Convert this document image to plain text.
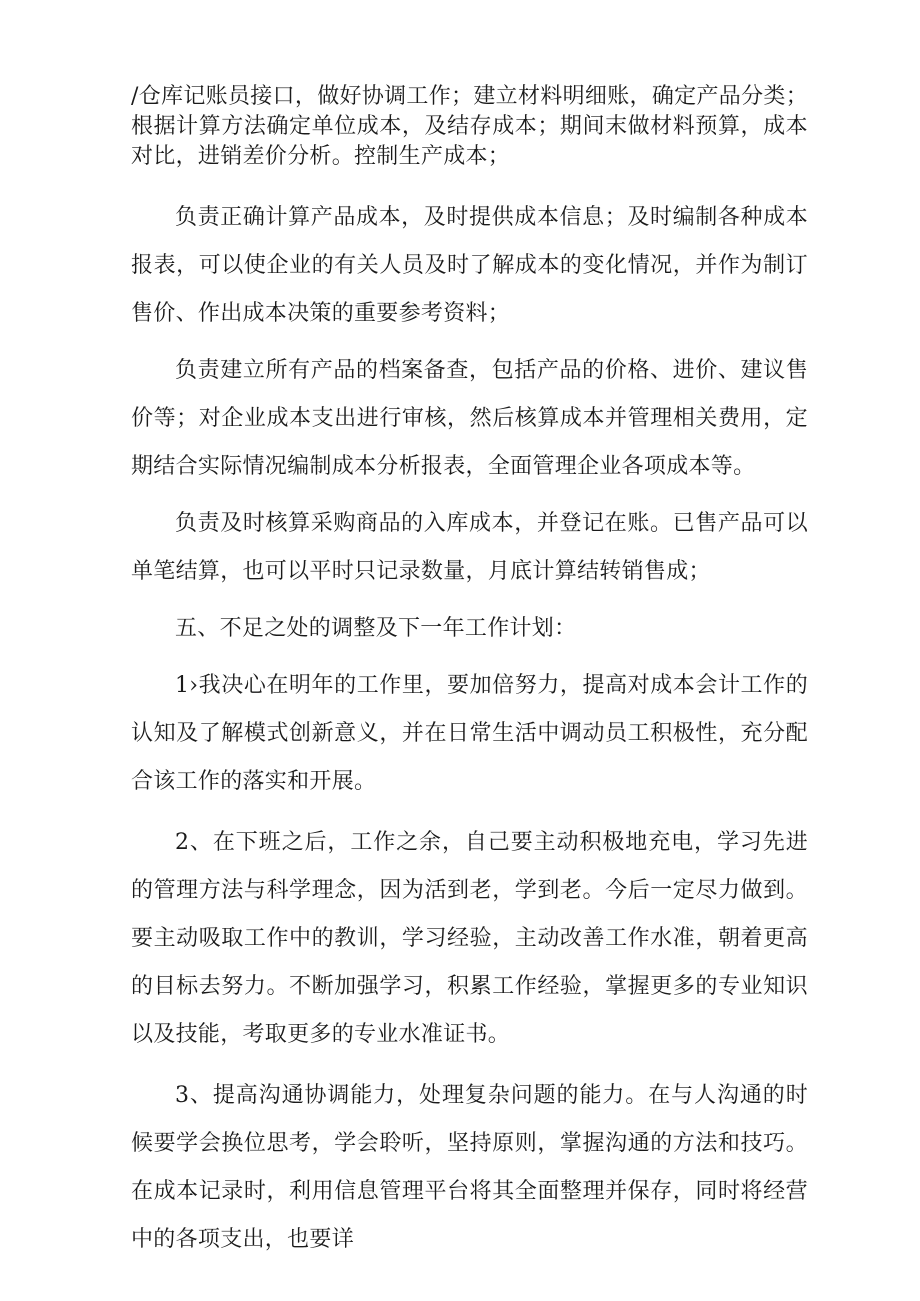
/仓库记账员接口，做好协调工作；建立材料明细账，确定产品分类；根据计算方法确定单位成本，及结存成本；期间末做材料预算，成本对比，进销差价分析。控制生产成本；

负责正确计算产品成本，及时提供成本信息；及时编制各种成本报表，可以使企业的有关人员及时了解成本的变化情况，并作为制订售价、作出成本决策的重要参考资料；

负责建立所有产品的档案备查，包括产品的价格、进价、建议售价等；对企业成本支出进行审核，然后核算成本并管理相关费用，定期结合实际情况编制成本分析报表，全面管理企业各项成本等。

负责及时核算采购商品的入库成本，并登记在账。已售产品可以单笔结算，也可以平时只记录数量，月底计算结转销售成；

五、不足之处的调整及下一年工作计划：

1›我决心在明年的工作里，要加倍努力，提高对成本会计工作的认知及了解模式创新意义，并在日常生活中调动员工积极性，充分配合该工作的落实和开展。

2、在下班之后，工作之余，自己要主动积极地充电，学习先进的管理方法与科学理念，因为活到老，学到老。今后一定尽力做到。要主动吸取工作中的教训，学习经验，主动改善工作水准，朝着更高的目标去努力。不断加强学习，积累工作经验，掌握更多的专业知识以及技能，考取更多的专业水准证书。

3、提高沟通协调能力，处理复杂问题的能力。在与人沟通的时候要学会换位思考，学会聆听，坚持原则，掌握沟通的方法和技巧。在成本记录时，利用信息管理平台将其全面整理并保存，同时将经营中的各项支出，也要详
